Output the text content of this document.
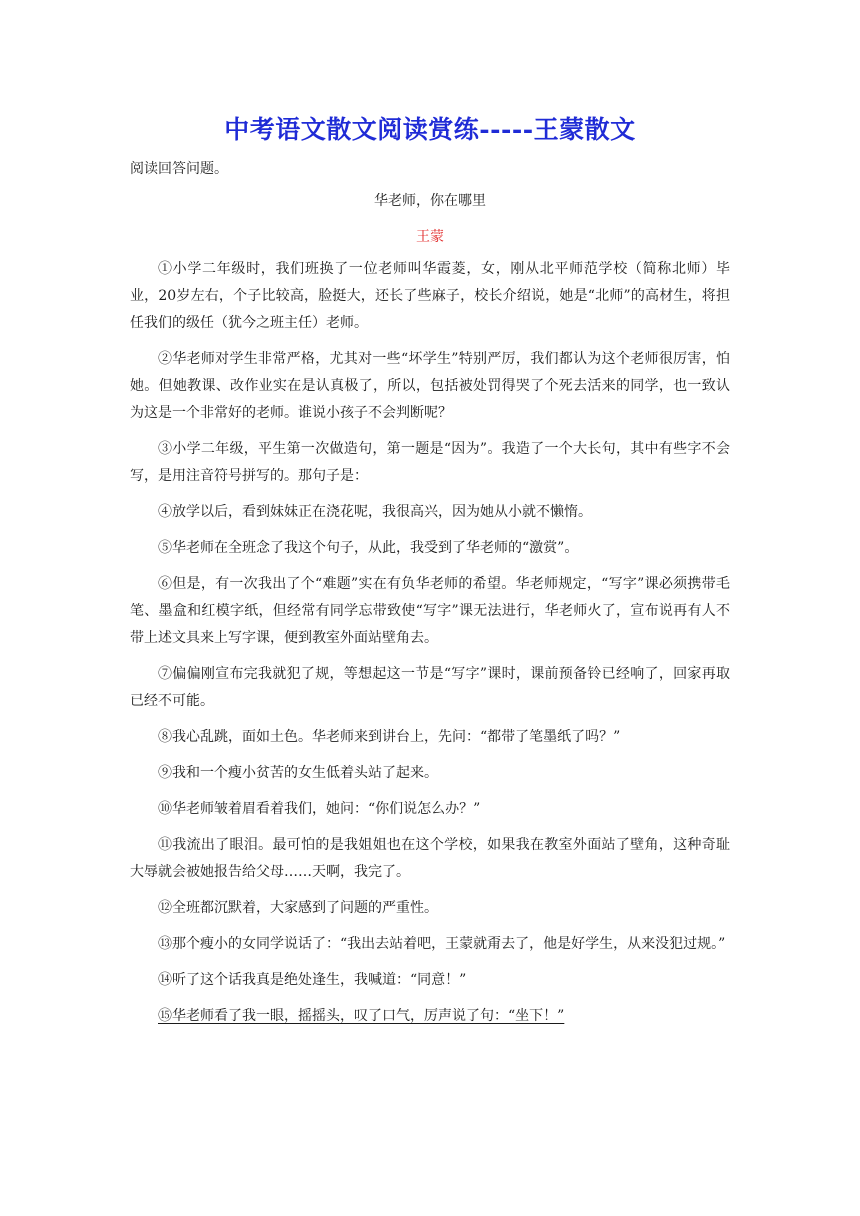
中考语文散文阅读赏练-----王蒙散文
阅读回答问题。
华老师，你在哪里
王蒙

①小学二年级时，我们班换了一位老师叫华霞菱，女，刚从北平师范学校（简称北师）毕业，20岁左右，个子比较高，脸挺大，还长了些麻子，校长介绍说，她是“北师”的高材生，将担任我们的级任（犹今之班主任）老师。

②华老师对学生非常严格，尤其对一些“坏学生”特别严厉，我们都认为这个老师很厉害，怕她。但她教课、改作业实在是认真极了，所以，包括被处罚得哭了个死去活来的同学，也一致认为这是一个非常好的老师。谁说小孩子不会判断呢？

③小学二年级，平生第一次做造句，第一题是“因为”。我造了一个大长句，其中有些字不会写，是用注音符号拼写的。那句子是：

④放学以后，看到妹妹正在浇花呢，我很高兴，因为她从小就不懒惰。

⑤华老师在全班念了我这个句子，从此，我受到了华老师的“激赏”。

⑥但是，有一次我出了个“难题”实在有负华老师的希望。华老师规定，“写字”课必须携带毛笔、墨盒和红模字纸，但经常有同学忘带致使“写字”课无法进行，华老师火了，宣布说再有人不带上述文具来上写字课，便到教室外面站壁角去。

⑦偏偏刚宣布完我就犯了规，等想起这一节是“写字”课时，课前预备铃已经响了，回家再取已经不可能。

⑧我心乱跳，面如土色。华老师来到讲台上，先问：“都带了笔墨纸了吗？”

⑨我和一个瘦小贫苦的女生低着头站了起来。

⑩华老师皱着眉看着我们，她问：“你们说怎么办？”

⑪我流出了眼泪。最可怕的是我姐姐也在这个学校，如果我在教室外面站了壁角，这种奇耻大辱就会被她报告给父母……天啊，我完了。

⑫全班都沉默着，大家感到了问题的严重性。

⑬那个瘦小的女同学说话了：“我出去站着吧，王蒙就甭去了，他是好学生，从来没犯过规。”

⑭听了这个话我真是绝处逢生，我喊道：“同意！”

⑮华老师看了我一眼，摇摇头，叹了口气，厉声说了句：“坐下！”
